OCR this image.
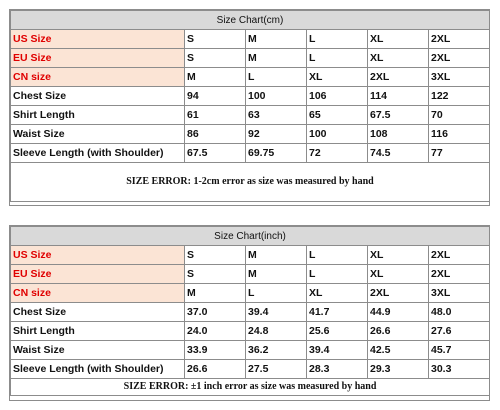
Size Chart(cm)					
US Size	S	M	L	XL	2XL
EU Size	S	M	L	XL	2XL
CN size	M	L	XL	2XL	3XL
Chest Size	94	100	106	114	122
Shirt Length	61	63	65	67.5	70
Waist Size	86	92	100	108	116
Sleeve Length (with Shoulder)	67.5	69.75	72	74.5	77
SIZE ERROR: 1-2cm error as size was measured by hand					
Size Chart(inch)					
US Size	S	M	L	XL	2XL
EU Size	S	M	L	XL	2XL
CN size	M	L	XL	2XL	3XL
Chest Size	37.0	39.4	41.7	44.9	48.0
Shirt Length	24.0	24.8	25.6	26.6	27.6
Waist Size	33.9	36.2	39.4	42.5	45.7
Sleeve Length (with Shoulder)	26.6	27.5	28.3	29.3	30.3
SIZE ERROR: ±1 inch error as size was measured by hand					
